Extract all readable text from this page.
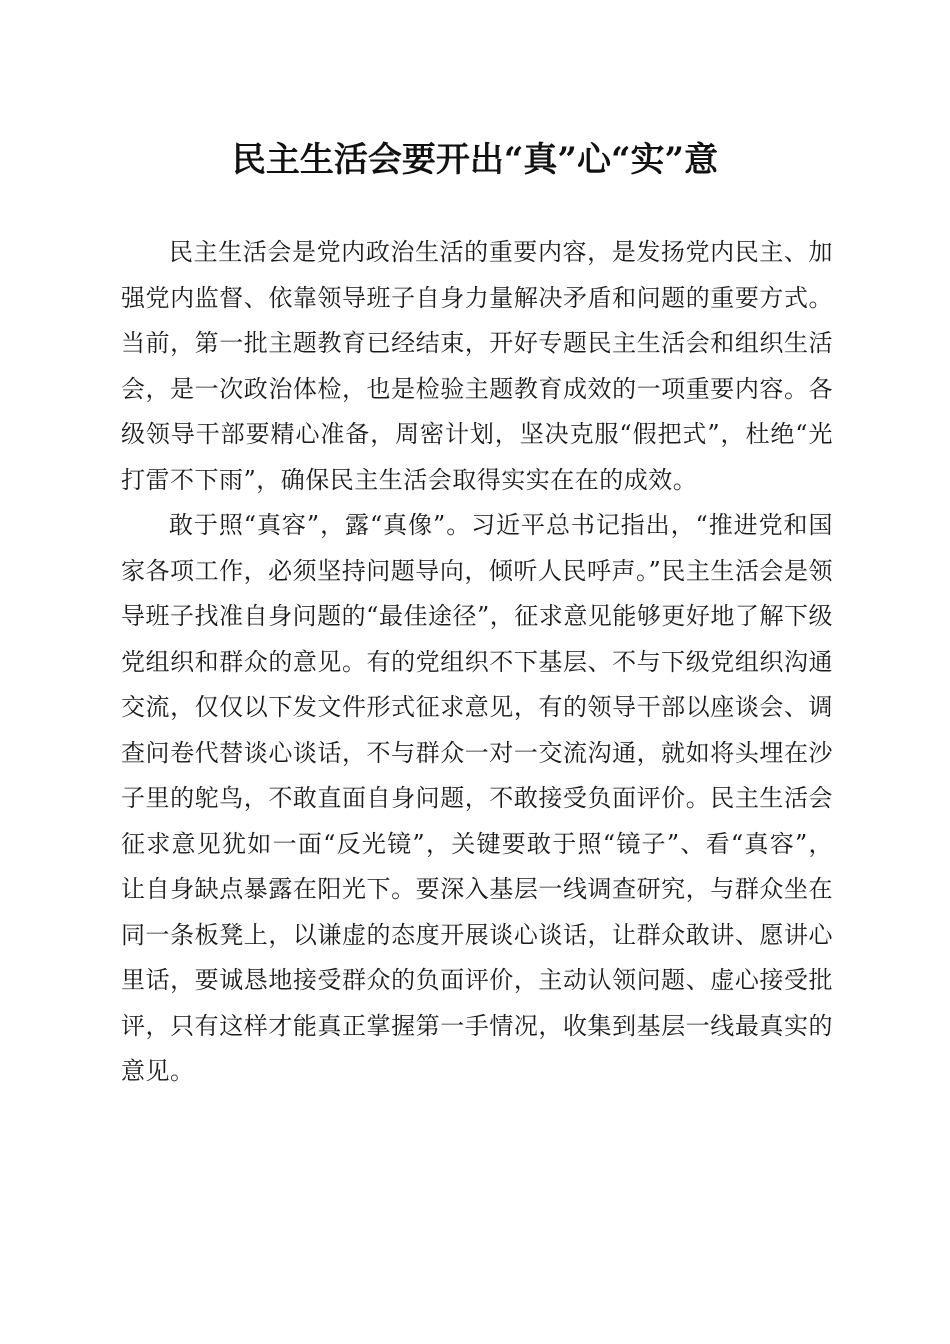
民主生活会要开出“真”心“实”意

民主生活会是党内政治生活的重要内容，是发扬党内民主、加强党内监督、依靠领导班子自身力量解决矛盾和问题的重要方式。当前，第一批主题教育已经结束，开好专题民主生活会和组织生活会，是一次政治体检，也是检验主题教育成效的一项重要内容。各级领导干部要精心准备，周密计划，坚决克服“假把式”，杜绝“光打雷不下雨”，确保民主生活会取得实实在在的成效。

敢于照“真容”，露“真像”。习近平总书记指出，“推进党和国家各项工作，必须坚持问题导向，倾听人民呼声。”民主生活会是领导班子找准自身问题的“最佳途径”，征求意见能够更好地了解下级党组织和群众的意见。有的党组织不下基层、不与下级党组织沟通交流，仅仅以下发文件形式征求意见，有的领导干部以座谈会、调查问卷代替谈心谈话，不与群众一对一交流沟通，就如将头埋在沙子里的鸵鸟，不敢直面自身问题，不敢接受负面评价。民主生活会征求意见犹如一面“反光镜”，关键要敢于照“镜子”、看“真容”，让自身缺点暴露在阳光下。要深入基层一线调查研究，与群众坐在同一条板凳上，以谦虚的态度开展谈心谈话，让群众敢讲、愿讲心里话，要诚恳地接受群众的负面评价，主动认领问题、虚心接受批评，只有这样才能真正掌握第一手情况，收集到基层一线最真实的意见。
